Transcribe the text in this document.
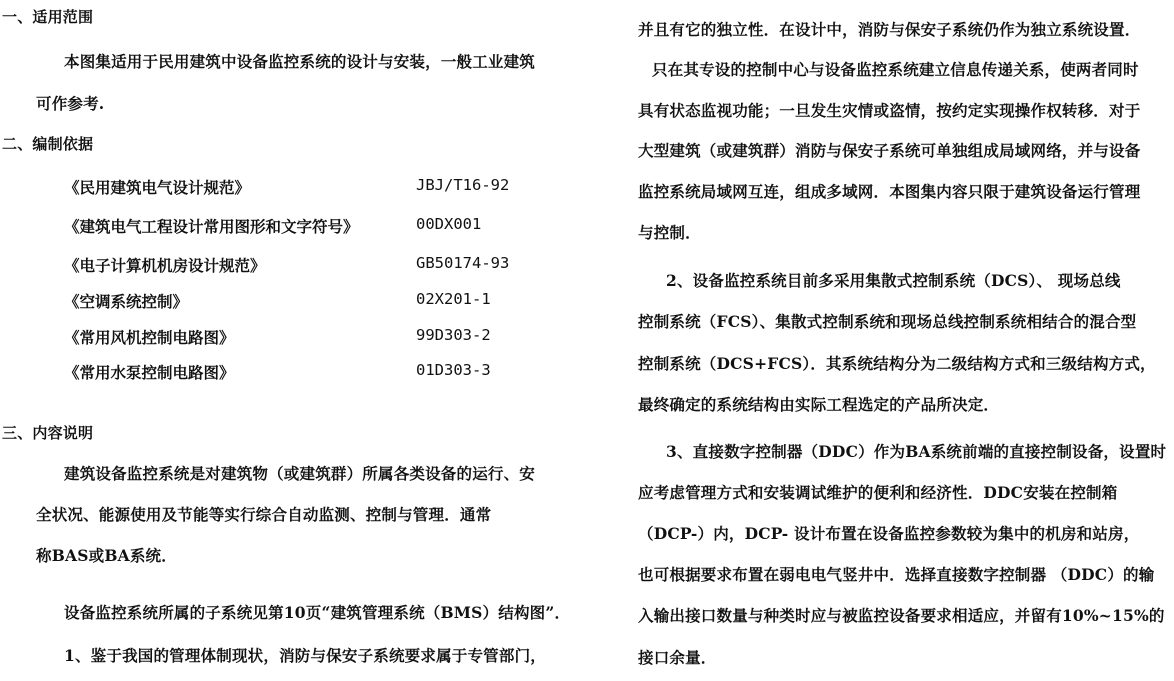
一、适用范围
本图集适用于民用建筑中设备监控系统的设计与安装，一般工业建筑
可作参考.
二、编制依据
《民用建筑电气设计规范》	JBJ/T16-92
《建筑电气工程设计常用图形和文字符号》	00DX001
《电子计算机机房设计规范》	GB50174-93
《空调系统控制》	02X201-1
《常用风机控制电路图》	99D303-2
《常用水泵控制电路图》	01D303-3
三、内容说明
建筑设备监控系统是对建筑物（或建筑群）所属各类设备的运行、安
全状况、能源使用及节能等实行综合自动监测、控制与管理．通常
称BAS或BA系统．
设备监控系统所属的子系统见第10页“建筑管理系统（BMS）结构图”．
1、鉴于我国的管理体制现状，消防与保安子系统要求属于专管部门，
并且有它的独立性．在设计中，消防与保安子系统仍作为独立系统设置．
只在其专设的控制中心与设备监控系统建立信息传递关系，使两者同时
具有状态监视功能；一旦发生灾情或盗情，按约定实现操作权转移．对于
大型建筑（或建筑群）消防与保安子系统可单独组成局域网络，并与设备
监控系统局域网互连，组成多域网．本图集内容只限于建筑设备运行管理
与控制．
2、设备监控系统目前多采用集散式控制系统（DCS）、 现场总线
控制系统（FCS）、集散式控制系统和现场总线控制系统相结合的混合型
控制系统（DCS+FCS）．其系统结构分为二级结构方式和三级结构方式，
最终确定的系统结构由实际工程选定的产品所决定．
3、直接数字控制器（DDC）作为BA系统前端的直接控制设备，设置时
应考虑管理方式和安装调试维护的便利和经济性．DDC安装在控制箱
（DCP-）内，DCP- 设计布置在设备监控参数较为集中的机房和站房，
也可根据要求布置在弱电电气竖井中．选择直接数字控制器 （DDC）的输
入输出接口数量与种类时应与被监控设备要求相适应，并留有10%~15%的
接口余量．
